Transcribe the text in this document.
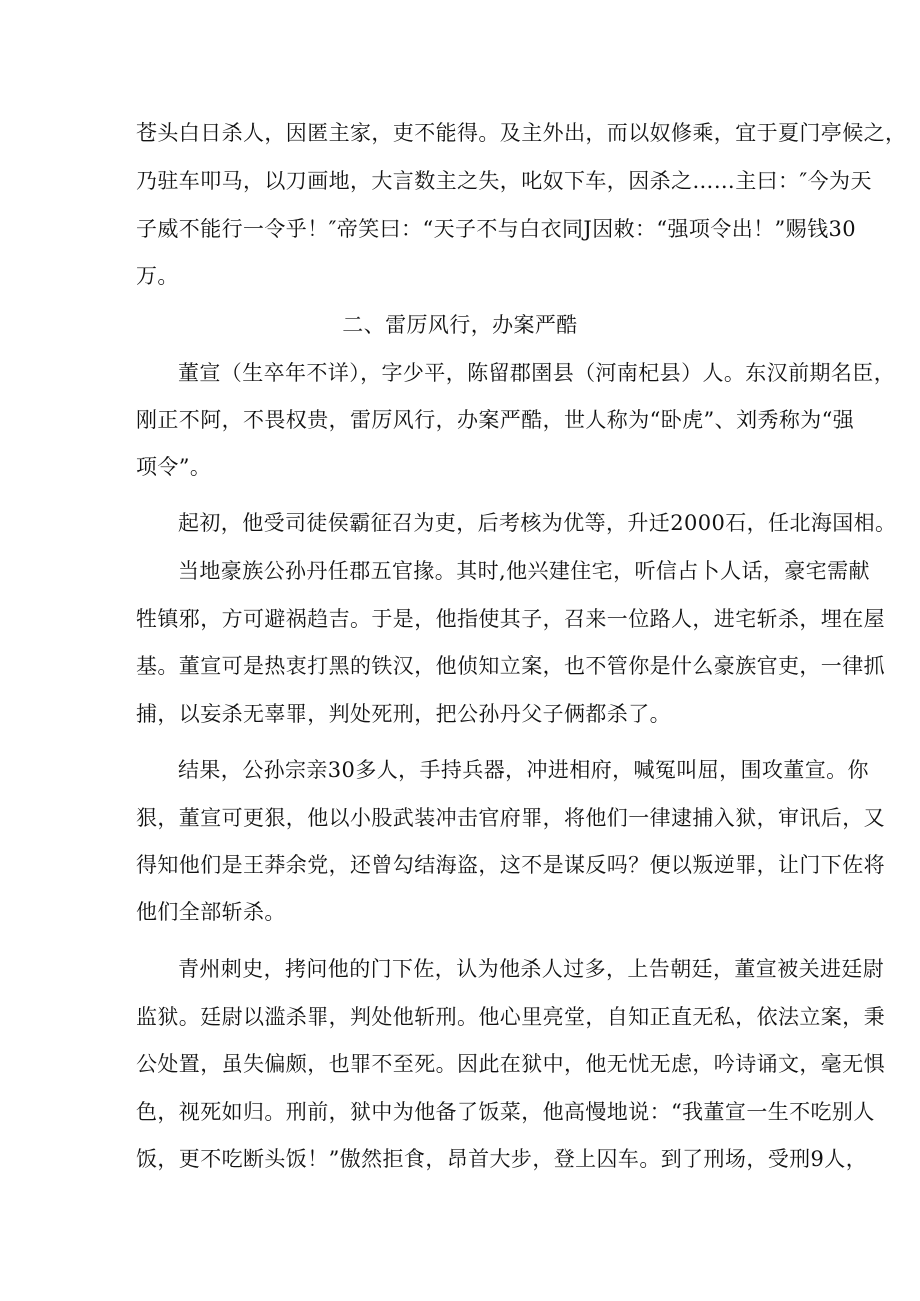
苍头白日杀人，因匿主家，吏不能得。及主外出，而以奴修乘，宜于夏门亭候之，
乃驻车叩马，以刀画地，大言数主之失，叱奴下车，因杀之……主曰：″今为天
子威不能行一令乎！″帝笑曰：“天子不与白衣同J因敕：“强项令出！”赐钱30
万。
二、雷厉风行，办案严酷
董宣（生卒年不详），字少平，陈留郡圉县（河南杞县）人。东汉前期名臣，
刚正不阿，不畏权贵，雷厉风行，办案严酷，世人称为“卧虎”、刘秀称为“强
项令”。
起初，他受司徒侯霸征召为吏，后考核为优等，升迁2000石，任北海国相。
当地豪族公孙丹任郡五官掾。其时,他兴建住宅，听信占卜人话，豪宅需献
牲镇邪，方可避祸趋吉。于是，他指使其子，召来一位路人，进宅斩杀，埋在屋
基。董宣可是热衷打黑的铁汉，他侦知立案，也不管你是什么豪族官吏，一律抓
捕，以妄杀无辜罪，判处死刑，把公孙丹父子俩都杀了。
结果，公孙宗亲30多人，手持兵器，冲进相府，喊冤叫屈，围攻董宣。你
狠，董宣可更狠，他以小股武装冲击官府罪，将他们一律逮捕入狱，审讯后，又
得知他们是王莽余党，还曾勾结海盗，这不是谋反吗？便以叛逆罪，让门下佐将
他们全部斩杀。
青州刺史，拷问他的门下佐，认为他杀人过多，上告朝廷，董宣被关进廷尉
监狱。廷尉以滥杀罪，判处他斩刑。他心里亮堂，自知正直无私，依法立案，秉
公处置，虽失偏颇，也罪不至死。因此在狱中，他无忧无虑，吟诗诵文，毫无惧
色，视死如归。刑前，狱中为他备了饭菜，他高慢地说：“我董宣一生不吃别人
饭，更不吃断头饭！”傲然拒食，昂首大步，登上囚车。到了刑场，受刑9人，
